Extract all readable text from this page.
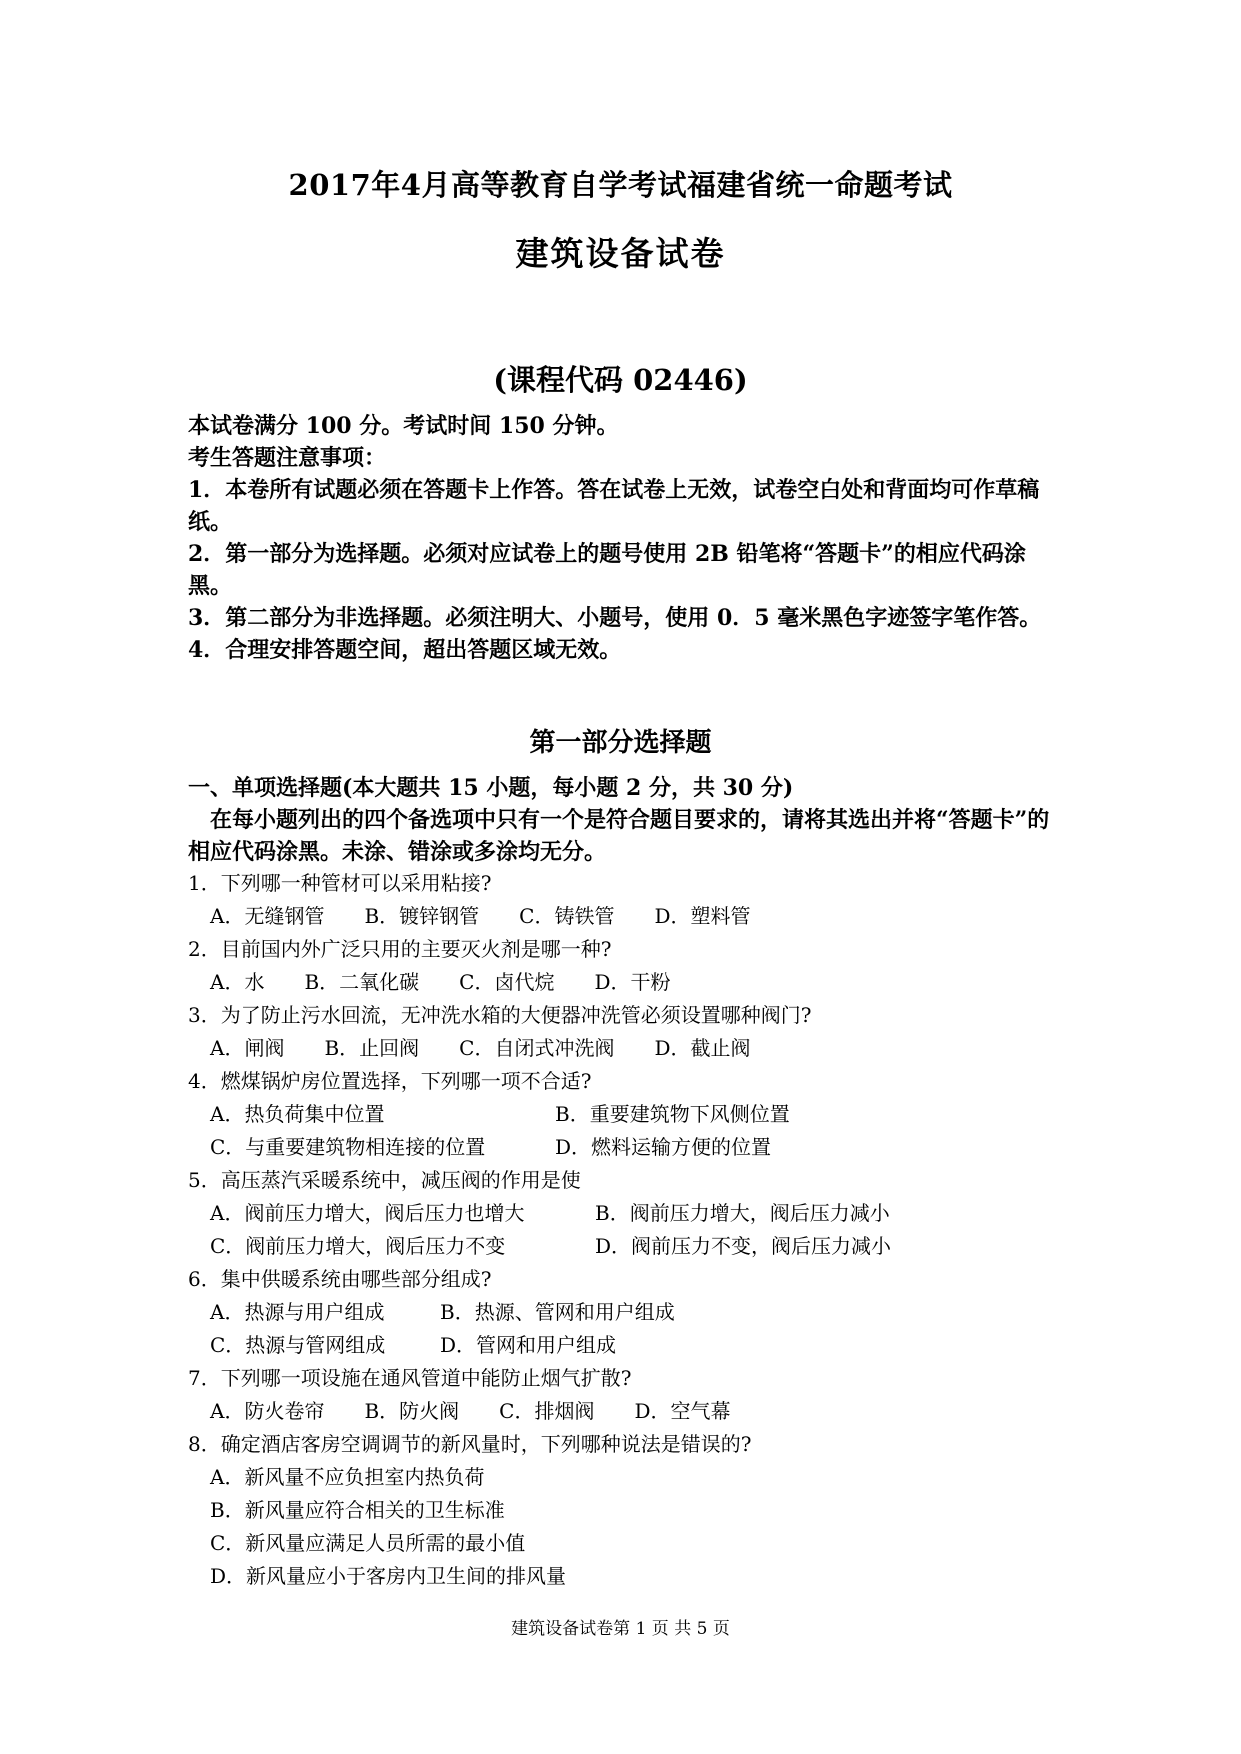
2017年4月高等教育自学考试福建省统一命题考试
建筑设备试卷
(课程代码 02446)

本试卷满分 100 分。考试时间 150 分钟。

考生答题注意事项：

1．本卷所有试题必须在答题卡上作答。答在试卷上无效，试卷空白处和背面均可作草稿纸。

2．第一部分为选择题。必须对应试卷上的题号使用 2B 铅笔将“答题卡”的相应代码涂黑。

3．第二部分为非选择题。必须注明大、小题号，使用 0．5 毫米黑色字迹签字笔作答。

4．合理安排答题空间，超出答题区域无效。

第一部分选择题

一、单项选择题(本大题共 15 小题，每小题 2 分，共 30 分)

在每小题列出的四个备选项中只有一个是符合题目要求的，请将其选出并将“答题卡”的相应代码涂黑。未涂、错涂或多涂均无分。

1．下列哪一种管材可以采用粘接?

A．无缝钢管 B．镀锌钢管 C．铸铁管 D．塑料管

2．目前国内外广泛只用的主要灭火剂是哪一种?

A．水 B．二氧化碳 C．卤代烷 D．干粉

3．为了防止污水回流，无冲洗水箱的大便器冲洗管必须设置哪种阀门?

A．闸阀 B．止回阀 C．自闭式冲洗阀 D．截止阀

4．燃煤锅炉房位置选择，下列哪一项不合适?

A．热负荷集中位置	B．重要建筑物下风侧位置

C．与重要建筑物相连接的位置	D．燃料运输方便的位置

5．高压蒸汽采暖系统中，减压阀的作用是使

A．阀前压力增大，阀后压力也增大	B．阀前压力增大，阀后压力减小

C．阀前压力增大，阀后压力不变	D．阀前压力不变，阀后压力减小

6．集中供暖系统由哪些部分组成?

A．热源与用户组成	B．热源、管网和用户组成

C．热源与管网组成	D．管网和用户组成

7．下列哪一项设施在通风管道中能防止烟气扩散?

A．防火卷帘 B．防火阀 C．排烟阀 D．空气幕

8．确定酒店客房空调调节的新风量时，下列哪种说法是错误的?

A．新风量不应负担室内热负荷

B．新风量应符合相关的卫生标准

C．新风量应满足人员所需的最小值

D．新风量应小于客房内卫生间的排风量

建筑设备试卷第 1 页 共 5 页
